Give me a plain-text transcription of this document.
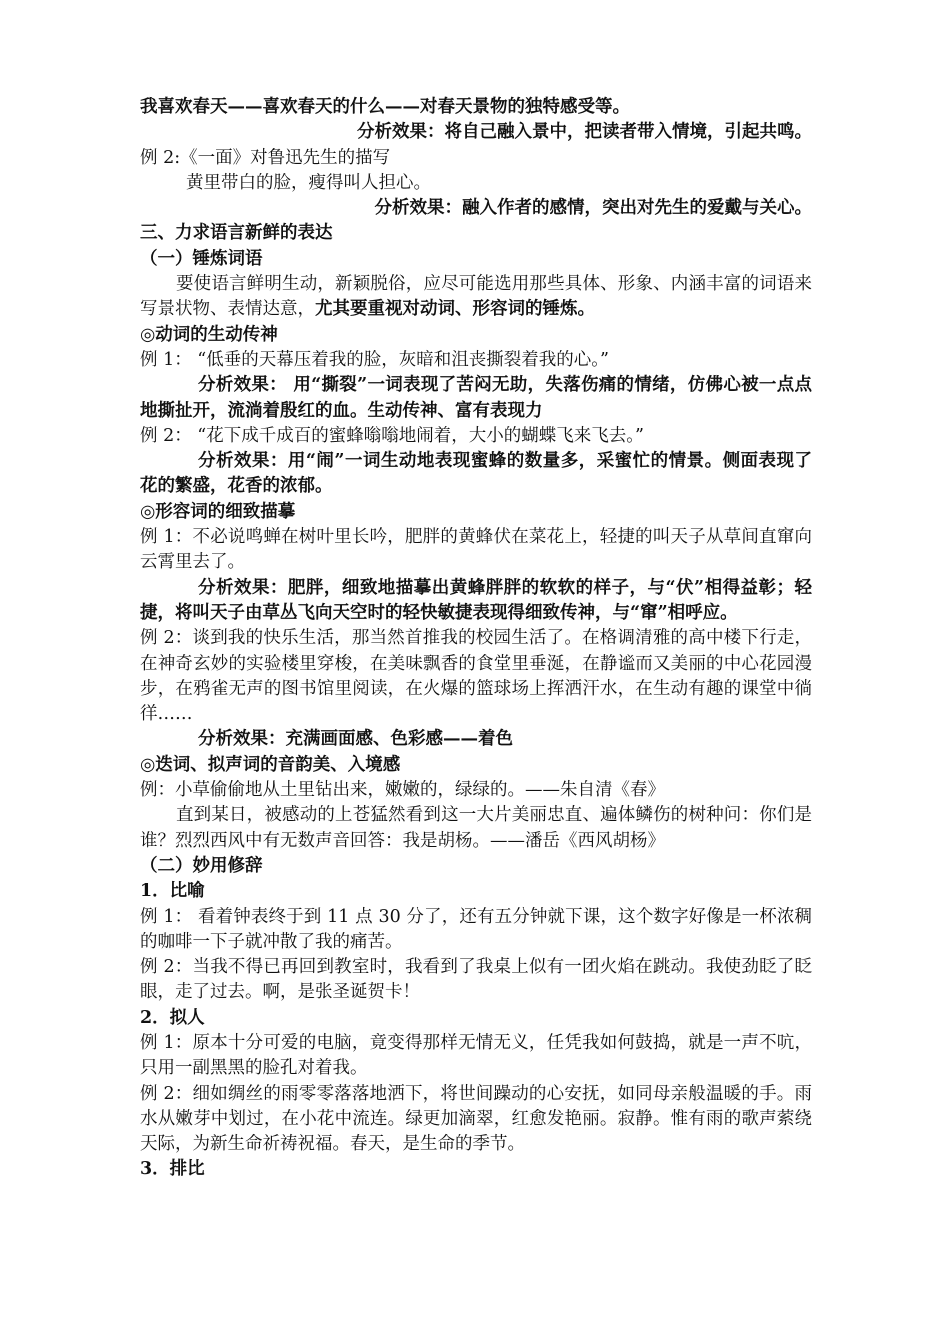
我喜欢春天——喜欢春天的什么——对春天景物的独特感受等。
分析效果：将自己融入景中，把读者带入情境，引起共鸣。
例 2:《一面》对鲁迅先生的描写
黄里带白的脸，瘦得叫人担心。
分析效果：融入作者的感情，突出对先生的爱戴与关心。
三、力求语言新鲜的表达
（一）锤炼词语

要使语言鲜明生动，新颖脱俗，应尽可能选用那些具体、形象、内涵丰富的词语来写景状物、表情达意，尤其要重视对动词、形容词的锤炼。

◎动词的生动传神
例 1： “低垂的天幕压着我的脸，灰暗和沮丧撕裂着我的心。”

分析效果： 用“撕裂”一词表现了苦闷无助，失落伤痛的情绪，仿佛心被一点点地撕扯开，流淌着殷红的血。生动传神、富有表现力

例 2： “花下成千成百的蜜蜂嗡嗡地闹着，大小的蝴蝶飞来飞去。”

分析效果：用“闹”一词生动地表现蜜蜂的数量多，采蜜忙的情景。侧面表现了花的繁盛，花香的浓郁。

◎形容词的细致描摹

例 1：不必说鸣蝉在树叶里长吟，肥胖的黄蜂伏在菜花上，轻捷的叫天子从草间直窜向云霄里去了。

分析效果：肥胖，细致地描摹出黄蜂胖胖的软软的样子，与“伏”相得益彰；轻捷，将叫天子由草丛飞向天空时的轻快敏捷表现得细致传神，与“窜”相呼应。

例 2：谈到我的快乐生活，那当然首推我的校园生活了。在格调清雅的高中楼下行走，在神奇玄妙的实验楼里穿梭，在美味飘香的食堂里垂涎，在静谧而又美丽的中心花园漫步，在鸦雀无声的图书馆里阅读，在火爆的篮球场上挥洒汗水，在生动有趣的课堂中徜徉……

分析效果：充满画面感、色彩感——着色
◎迭词、拟声词的音韵美、入境感
例：小草偷偷地从土里钻出来，嫩嫩的，绿绿的。——朱自清《春》

直到某日，被感动的上苍猛然看到这一大片美丽忠直、遍体鳞伤的树种问：你们是谁？烈烈西风中有无数声音回答：我是胡杨。——潘岳《西风胡杨》

（二）妙用修辞
1．比喻

例 1： 看着钟表终于到 11 点 30 分了，还有五分钟就下课，这个数字好像是一杯浓稠的咖啡一下子就冲散了我的痛苦。

例 2：当我不得已再回到教室时，我看到了我桌上似有一团火焰在跳动。我使劲眨了眨眼，走了过去。啊，是张圣诞贺卡！

2．拟人

例 1：原本十分可爱的电脑，竟变得那样无情无义，任凭我如何鼓捣，就是一声不吭，只用一副黑黑的脸孔对着我。

例 2：细如绸丝的雨零零落落地洒下，将世间躁动的心安抚，如同母亲般温暖的手。雨水从嫩芽中划过，在小花中流连。绿更加滴翠，红愈发艳丽。寂静。惟有雨的歌声萦绕天际，为新生命祈祷祝福。春天，是生命的季节。

3．排比
